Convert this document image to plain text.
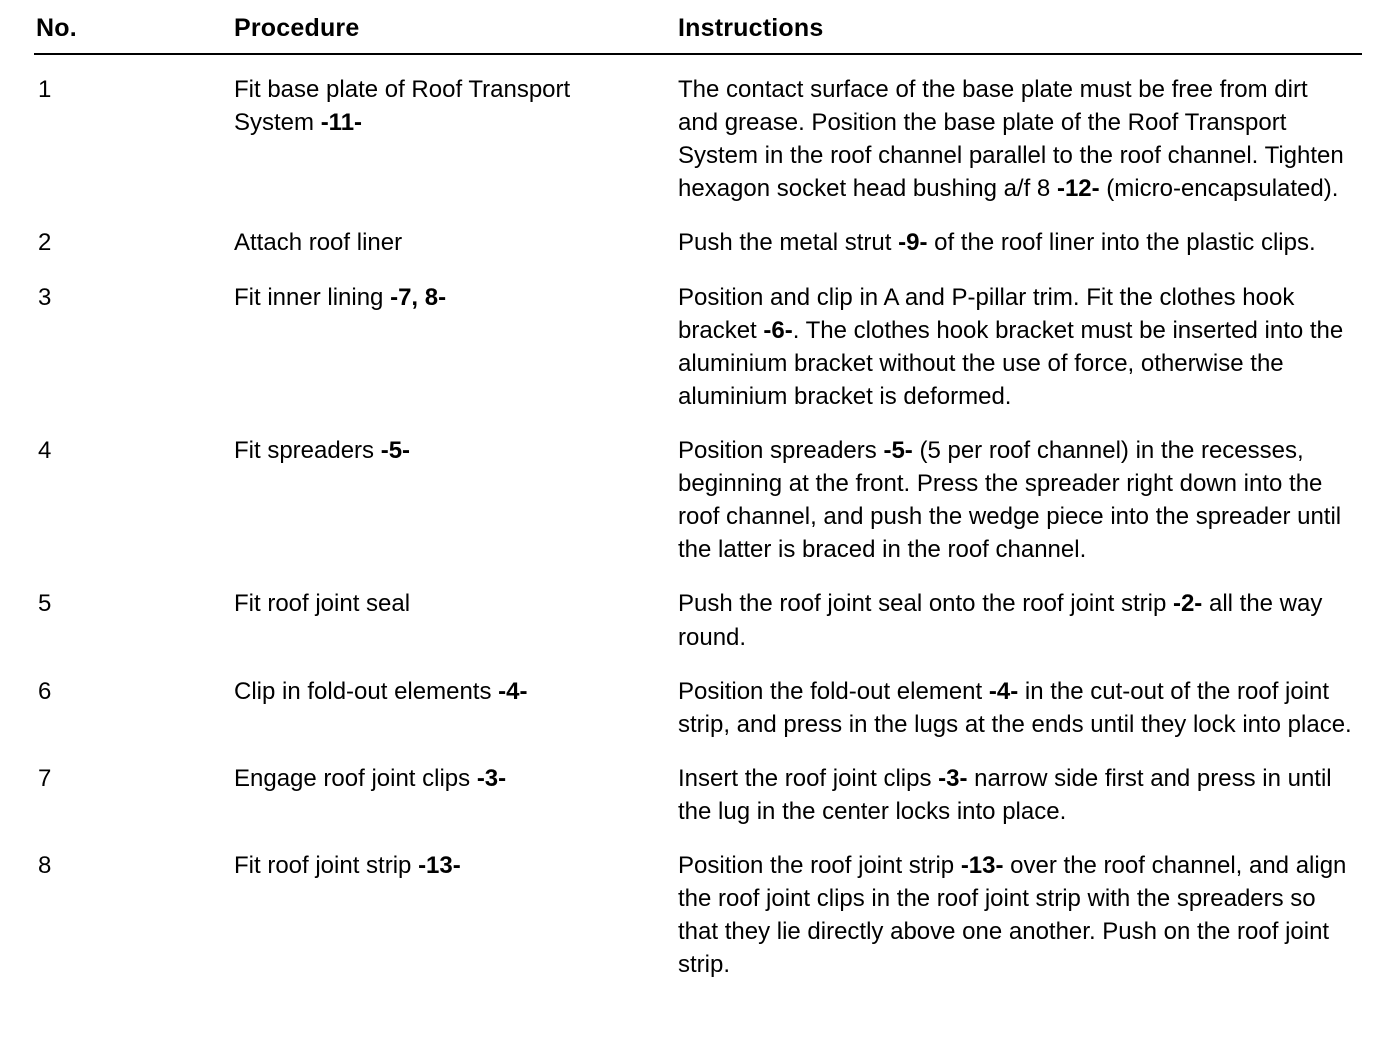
No.	Procedure	Instructions

1	Fit base plate of Roof Transport System -11-	The contact surface of the base plate must be free from dirt and grease. Position the base plate of the Roof Transport System in the roof channel parallel to the roof channel. Tighten hexagon socket head bushing a/f 8 -12- (micro-encapsulated).
2	Attach roof liner	Push the metal strut -9- of the roof liner into the plastic clips.
3	Fit inner lining -7, 8-	Position and clip in A and P-pillar trim. Fit the clothes hook bracket -6-. The clothes hook bracket must be inserted into the aluminium bracket without the use of force, otherwise the aluminium bracket is deformed.
4	Fit spreaders -5-	Position spreaders -5- (5 per roof channel) in the recesses, beginning at the front. Press the spreader right down into the roof channel, and push the wedge piece into the spreader until the latter is braced in the roof channel.
5	Fit roof joint seal	Push the roof joint seal onto the roof joint strip -2- all the way round.
6	Clip in fold-out elements -4-	Position the fold-out element -4- in the cut-out of the roof joint strip, and press in the lugs at the ends until they lock into place.
7	Engage roof joint clips -3-	Insert the roof joint clips -3- narrow side first and press in until the lug in the center locks into place.
8	Fit roof joint strip -13-	Position the roof joint strip -13- over the roof channel, and align the roof joint clips in the roof joint strip with the spreaders so that they lie directly above one another. Push on the roof joint strip.
